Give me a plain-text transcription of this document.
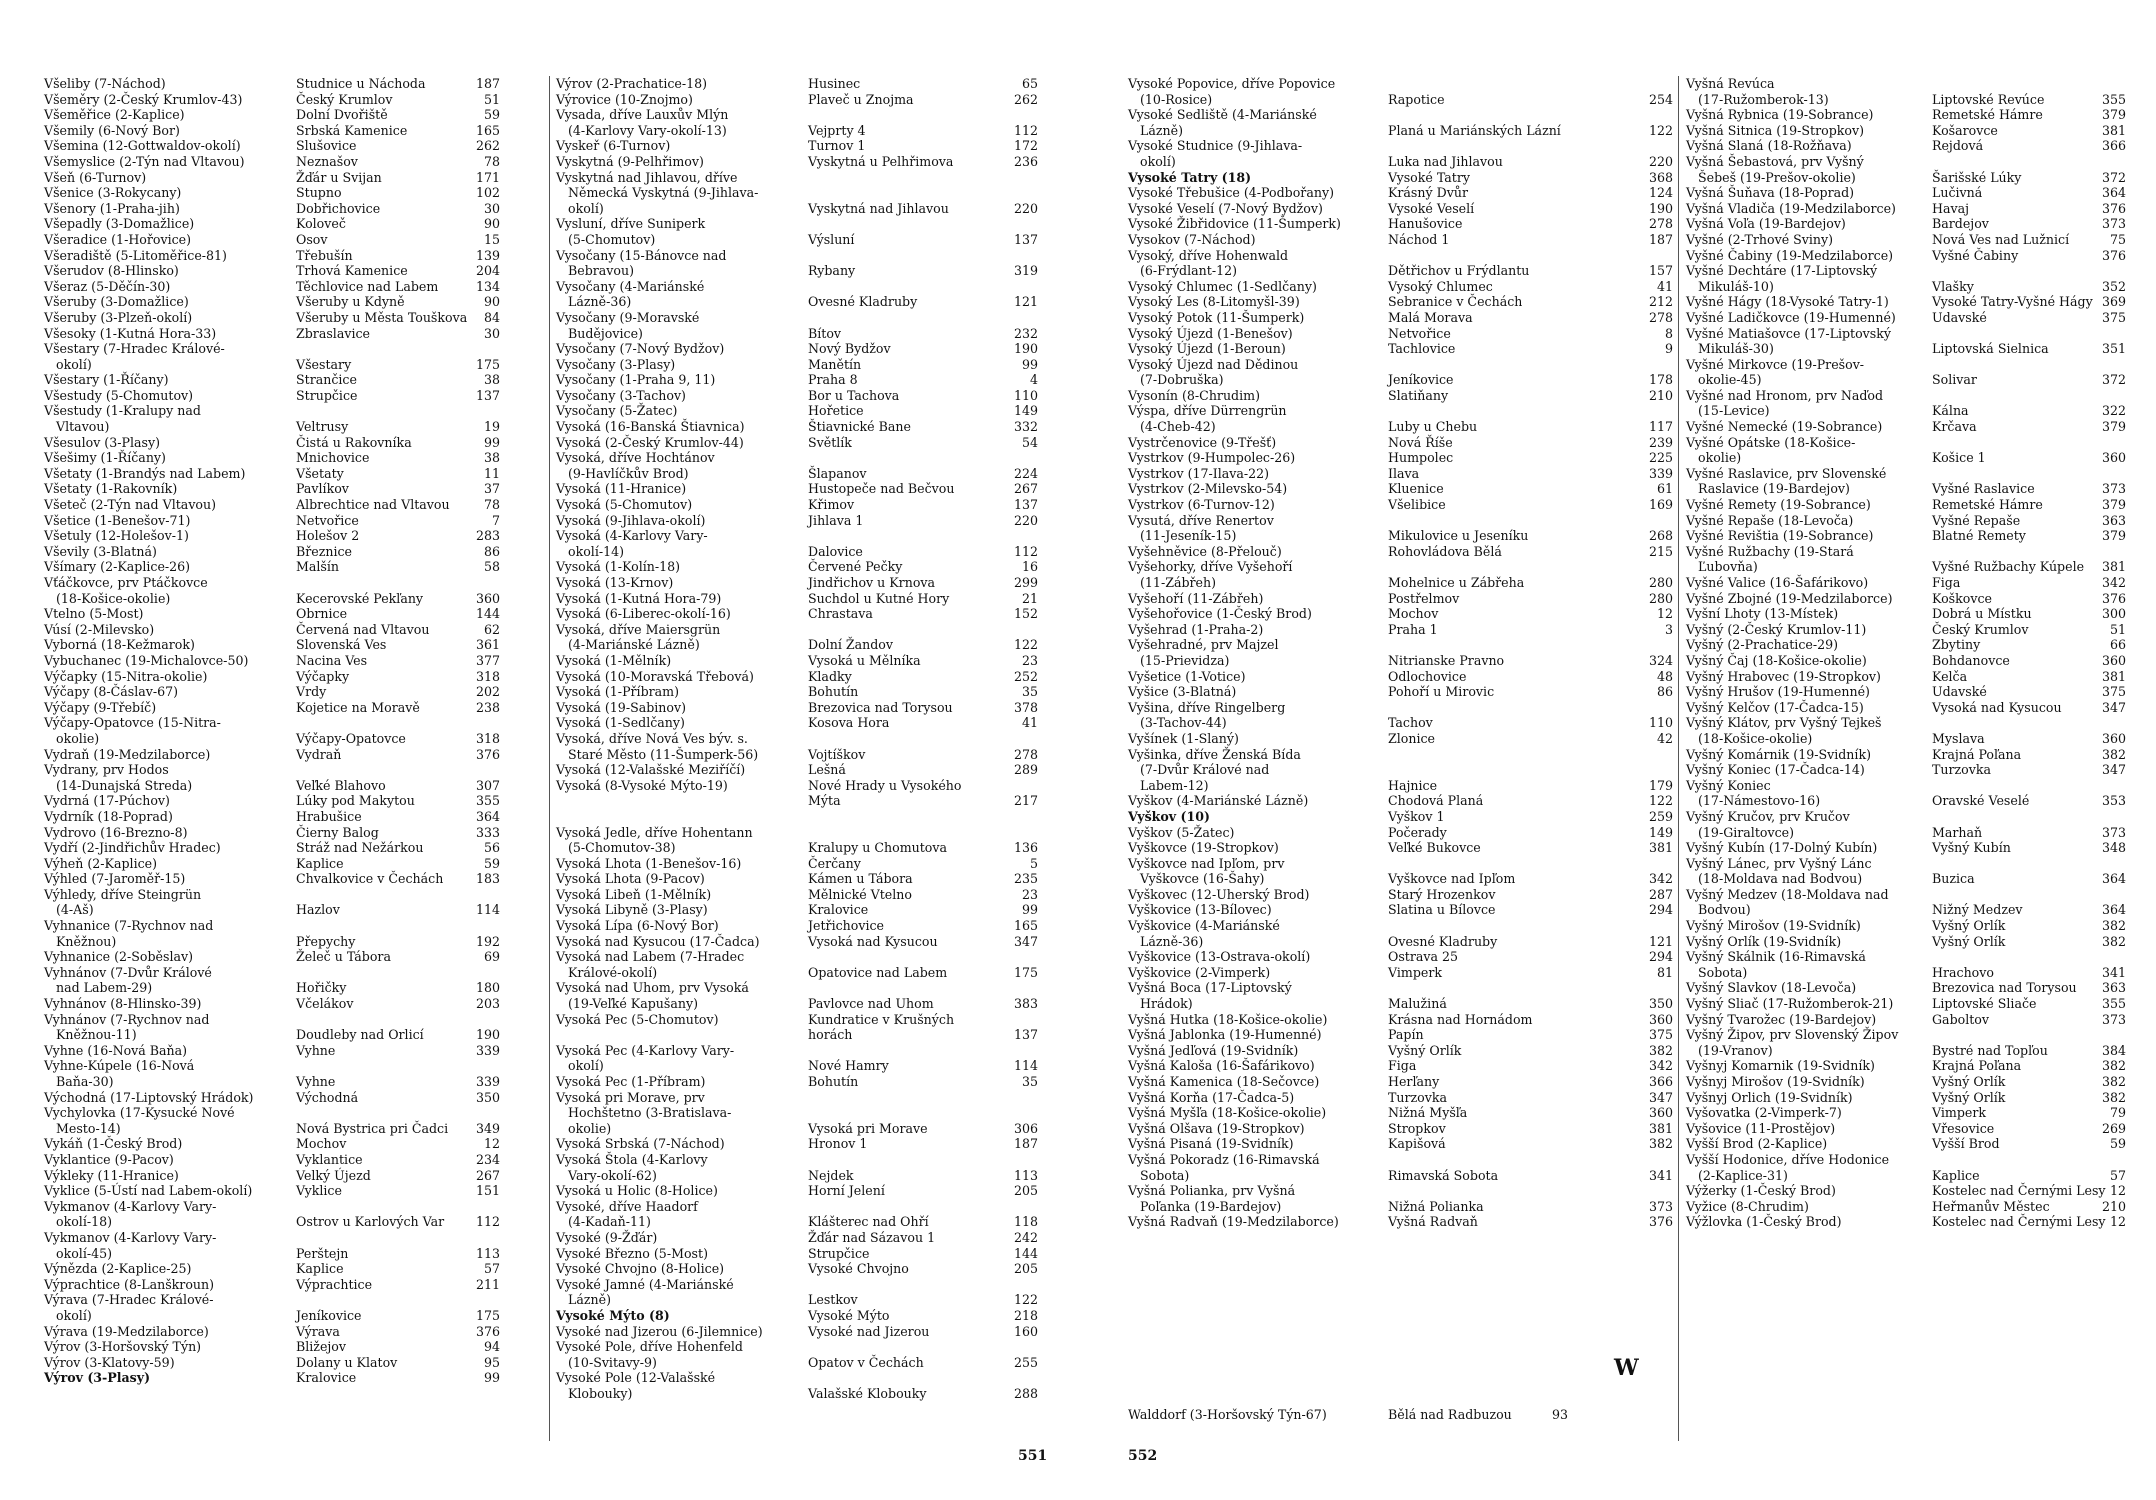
Všeliby (7-Náchod)	Studnice u Náchoda	187
Všeměry (2-Český Krumlov-43)	Český Krumlov	51
Všeměřice (2-Kaplice)	Dolní Dvořiště	59
Všemily (6-Nový Bor)	Srbská Kamenice	165
Všemina (12-Gottwaldov-okolí)	Slušovice	262
Všemyslice (2-Týn nad Vltavou)	Neznašov	78
Všeň (6-Turnov)	Žďár u Svijan	171
Všenice (3-Rokycany)	Stupno	102
Všenory (1-Praha-jih)	Dobřichovice	30
Všepadly (3-Domažlice)	Koloveč	90
Všeradice (1-Hořovice)	Osov	15
Všeradiště (5-Litoměřice-81)	Třebušín	139
Všerudov (8-Hlinsko)	Trhová Kamenice	204
Všeraz (5-Děčín-30)	Těchlovice nad Labem	134
Všeruby (3-Domažlice)	Všeruby u Kdyně	90
Všeruby (3-Plzeň-okolí)	Všeruby u Města Touškova	84
Všesoky (1-Kutná Hora-33)	Zbraslavice	30
Všestary (7-Hradec Králové-
okolí)	Všestary	175
Všestary (1-Říčany)	Strančice	38
Všestudy (5-Chomutov)	Strupčice	137
Všestudy (1-Kralupy nad
Vltavou)	Veltrusy	19
Všesulov (3-Plasy)	Čistá u Rakovníka	99
Všešimy (1-Říčany)	Mnichovice	38
Všetaty (1-Brandýs nad Labem)	Všetaty	11
Všetaty (1-Rakovník)	Pavlíkov	37
Všeteč (2-Týn nad Vltavou)	Albrechtice nad Vltavou	78
Všetice (1-Benešov-71)	Netvořice	7
Všetuly (12-Holešov-1)	Holešov 2	283
Vševily (3-Blatná)	Březnice	86
Všímary (2-Kaplice-26)	Malšín	58
Vťáčkovce, prv Ptáčkovce
(18-Košice-okolie)	Kecerovské Pekľany	360
Vtelno (5-Most)	Obrnice	144
Vúsí (2-Milevsko)	Červená nad Vltavou	62
Vyborná (18-Kežmarok)	Slovenská Ves	361
Vybuchanec (19-Michalovce-50)	Nacina Ves	377
Výčapky (15-Nitra-okolie)	Výčapky	318
Výčapy (8-Čáslav-67)	Vrdy	202
Výčapy (9-Třebíč)	Kojetice na Moravě	238
Výčapy-Opatovce (15-Nitra-
okolie)	Výčapy-Opatovce	318
Vydraň (19-Medzilaborce)	Vydraň	376
Vydrany, prv Hodos
(14-Dunajská Streda)	Veľké Blahovo	307
Vydrná (17-Púchov)	Lúky pod Makytou	355
Vydrník (18-Poprad)	Hrabušice	364
Vydrovo (16-Brezno-8)	Čierny Balog	333
Vydří (2-Jindřichův Hradec)	Stráž nad Nežárkou	56
Výheň (2-Kaplice)	Kaplice	59
Výhled (7-Jaroměř-15)	Chvalkovice v Čechách	183
Výhledy, dříve Steingrün
(4-Aš)	Hazlov	114
Vyhnanice (7-Rychnov nad
Kněžnou)	Přepychy	192
Vyhnanice (2-Soběslav)	Želeč u Tábora	69
Vyhnánov (7-Dvůr Králové
nad Labem-29)	Hořičky	180
Vyhnánov (8-Hlinsko-39)	Včelákov	203
Vyhnánov (7-Rychnov nad
Kněžnou-11)	Doudleby nad Orlicí	190
Vyhne (16-Nová Baňa)	Vyhne	339
Vyhne-Kúpele (16-Nová
Baňa-30)	Vyhne	339
Východná (17-Liptovský Hrádok)	Východná	350
Vychylovka (17-Kysucké Nové
Mesto-14)	Nová Bystrica pri Čadci	349
Vykáň (1-Český Brod)	Mochov	12
Vyklantice (9-Pacov)	Vyklantice	234
Výkleky (11-Hranice)	Velký Újezd	267
Vyklice (5-Ústí nad Labem-okolí)	Vyklice	151
Vykmanov (4-Karlovy Vary-
okolí-18)	Ostrov u Karlových Var	112
Vykmanov (4-Karlovy Vary-
okolí-45)	Perštejn	113
Výnězda (2-Kaplice-25)	Kaplice	57
Výprachtice (8-Lanškroun)	Výprachtice	211
Výrava (7-Hradec Králové-
okolí)	Jeníkovice	175
Výrava (19-Medzilaborce)	Výrava	376
Výrov (3-Horšovský Týn)	Bližejov	94
Výrov (3-Klatovy-59)	Dolany u Klatov	95
Výrov (3-Plasy)	Kralovice	99
Výrov (2-Prachatice-18)	Husinec	65
Výrovice (10-Znojmo)	Plaveč u Znojma	262
Vysada, dříve Lauxův Mlýn
(4-Karlovy Vary-okolí-13)	Vejprty 4	112
Vyskeř (6-Turnov)	Turnov 1	172
Vyskytná (9-Pelhřimov)	Vyskytná u Pelhřimova	236
Vyskytná nad Jihlavou, dříve
Německá Vyskytná (9-Jihlava-
okolí)	Vyskytná nad Jihlavou	220
Vysluní, dříve Suniperk
(5-Chomutov)	Výsluní	137
Vysočany (15-Bánovce nad
Bebravou)	Rybany	319
Vysočany (4-Mariánské
Lázně-36)	Ovesné Kladruby	121
Vysočany (9-Moravské
Budějovice)	Bítov	232
Vysočany (7-Nový Bydžov)	Nový Bydžov	190
Vysočany (3-Plasy)	Manětín	99
Vysočany (1-Praha 9, 11)	Praha 8	4
Vysočany (3-Tachov)	Bor u Tachova	110
Vysočany (5-Žatec)	Hořetice	149
Vysoká (16-Banská Štiavnica)	Štiavnické Bane	332
Vysoká (2-Český Krumlov-44)	Světlík	54
Vysoká, dříve Hochtánov
(9-Havlíčkův Brod)	Šlapanov	224
Vysoká (11-Hranice)	Hustopeče nad Bečvou	267
Vysoká (5-Chomutov)	Křimov	137
Vysoká (9-Jihlava-okolí)	Jihlava 1	220
Vysoká (4-Karlovy Vary-
okolí-14)	Dalovice	112
Vysoká (1-Kolín-18)	Červené Pečky	16
Vysoká (13-Krnov)	Jindřichov u Krnova	299
Vysoká (1-Kutná Hora-79)	Suchdol u Kutné Hory	21
Vysoká (6-Liberec-okolí-16)	Chrastava	152
Vysoká, dříve Maiersgrün
(4-Mariánské Lázně)	Dolní Žandov	122
Vysoká (1-Mělník)	Vysoká u Mělníka	23
Vysoká (10-Moravská Třebová)	Kladky	252
Vysoká (1-Příbram)	Bohutín	35
Vysoká (19-Sabinov)	Brezovica nad Torysou	378
Vysoká (1-Sedlčany)	Kosova Hora	41
Vysoká, dříve Nová Ves býv. s.
Staré Město (11-Šumperk-56)	Vojtíškov	278
Vysoká (12-Valašské Meziříčí)	Lešná	289
Vysoká (8-Vysoké Mýto-19)	Nové Hrady u Vysokého
Mýta	217
Vysoká Jedle, dříve Hohentann
(5-Chomutov-38)	Kralupy u Chomutova	136
Vysoká Lhota (1-Benešov-16)	Čerčany	5
Vysoká Lhota (9-Pacov)	Kámen u Tábora	235
Vysoká Libeň (1-Mělník)	Mělnické Vtelno	23
Vysoká Libyně (3-Plasy)	Kralovice	99
Vysoká Lípa (6-Nový Bor)	Jetřichovice	165
Vysoká nad Kysucou (17-Čadca)	Vysoká nad Kysucou	347
Vysoká nad Labem (7-Hradec
Králové-okolí)	Opatovice nad Labem	175
Vysoká nad Uhom, prv Vysoká
(19-Veľké Kapušany)	Pavlovce nad Uhom	383
Vysoká Pec (5-Chomutov)	Kundratice v Krušných
horách	137
Vysoká Pec (4-Karlovy Vary-
okolí)	Nové Hamry	114
Vysoká Pec (1-Příbram)	Bohutín	35
Vysoká pri Morave, prv
Hochštetno (3-Bratislava-
okolie)	Vysoká pri Morave	306
Vysoká Srbská (7-Náchod)	Hronov 1	187
Vysoká Štola (4-Karlovy
Vary-okolí-62)	Nejdek	113
Vysoká u Holic (8-Holice)	Horní Jelení	205
Vysoké, dříve Haadorf
(4-Kadaň-11)	Klášterec nad Ohří	118
Vysoké (9-Žďár)	Žďár nad Sázavou 1	242
Vysoké Březno (5-Most)	Strupčice	144
Vysoké Chvojno (8-Holice)	Vysoké Chvojno	205
Vysoké Jamné (4-Mariánské
Lázně)	Lestkov	122
Vysoké Mýto (8)	Vysoké Mýto	218
Vysoké nad Jizerou (6-Jilemnice)	Vysoké nad Jizerou	160
Vysoké Pole, dříve Hohenfeld
(10-Svitavy-9)	Opatov v Čechách	255
Vysoké Pole (12-Valašské
Klobouky)	Valašské Klobouky	288
551
Vysoké Popovice, dříve Popovice
(10-Rosice)	Rapotice	254
Vysoké Sedliště (4-Mariánské
Lázně)	Planá u Mariánských Lázní	122
Vysoké Studnice (9-Jihlava-
okolí)	Luka nad Jihlavou	220
Vysoké Tatry (18)	Vysoké Tatry	368
Vysoké Třebušice (4-Podbořany)	Krásný Dvůr	124
Vysoké Veselí (7-Nový Bydžov)	Vysoké Veselí	190
Vysoké Žibřidovice (11-Šumperk)	Hanušovice	278
Vysokov (7-Náchod)	Náchod 1	187
Vysoký, dříve Hohenwald
(6-Frýdlant-12)	Dětřichov u Frýdlantu	157
Vysoký Chlumec (1-Sedlčany)	Vysoký Chlumec	41
Vysoký Les (8-Litomyšl-39)	Sebranice v Čechách	212
Vysoký Potok (11-Šumperk)	Malá Morava	278
Vysoký Újezd (1-Benešov)	Netvořice	8
Vysoký Újezd (1-Beroun)	Tachlovice	9
Vysoký Újezd nad Dědinou
(7-Dobruška)	Jeníkovice	178
Vysonín (8-Chrudim)	Slatiňany	210
Výspa, dříve Dürrengrün
(4-Cheb-42)	Luby u Chebu	117
Vystrčenovice (9-Třešť)	Nová Říše	239
Vystrkov (9-Humpolec-26)	Humpolec	225
Vystrkov (17-Ilava-22)	Ilava	339
Vystrkov (2-Milevsko-54)	Kluenice	61
Vystrkov (6-Turnov-12)	Všelibice	169
Vysutá, dříve Renertov
(11-Jeseník-15)	Mikulovice u Jeseníku	268
Vyšehněvice (8-Přelouč)	Rohovládova Bělá	215
Vyšehorky, dříve Vyšehoří
(11-Zábřeh)	Mohelnice u Zábřeha	280
Vyšehoří (11-Zábřeh)	Postřelmov	280
Vyšehořovice (1-Český Brod)	Mochov	12
Vyšehrad (1-Praha-2)	Praha 1	3
Vyšehradné, prv Majzel
(15-Prievidza)	Nitrianske Pravno	324
Vyšetice (1-Votice)	Odlochovice	48
Vyšice (3-Blatná)	Pohoří u Mirovic	86
Vyšina, dříve Ringelberg
(3-Tachov-44)	Tachov	110
Vyšínek (1-Slaný)	Zlonice	42
Vyšinka, dříve Ženská Bída
(7-Dvůr Králové nad
Labem-12)	Hajnice	179
Vyškov (4-Mariánské Lázně)	Chodová Planá	122
Vyškov (10)	Vyškov 1	259
Vyškov (5-Žatec)	Počerady	149
Vyškovce (19-Stropkov)	Veľké Bukovce	381
Vyškovce nad Ipľom, prv
Vyškovce (16-Šahy)	Vyškovce nad Ipľom	342
Vyškovec (12-Uherský Brod)	Starý Hrozenkov	287
Vyškovice (13-Bílovec)	Slatina u Bílovce	294
Vyškovice (4-Mariánské
Lázně-36)	Ovesné Kladruby	121
Vyškovice (13-Ostrava-okolí)	Ostrava 25	294
Vyškovice (2-Vimperk)	Vimperk	81
Vyšná Boca (17-Liptovský
Hrádok)	Malužiná	350
Vyšná Hutka (18-Košice-okolie)	Krásna nad Hornádom	360
Vyšná Jablonka (19-Humenné)	Papín	375
Vyšná Jedľová (19-Svidník)	Vyšný Orlík	382
Vyšná Kaloša (16-Šafárikovo)	Figa	342
Vyšná Kamenica (18-Sečovce)	Herľany	366
Vyšná Korňa (17-Čadca-5)	Turzovka	347
Vyšná Myšľa (18-Košice-okolie)	Nižná Myšľa	360
Vyšná Olšava (19-Stropkov)	Stropkov	381
Vyšná Pisaná (19-Svidník)	Kapišová	382
Vyšná Pokoradz (16-Rimavská
Sobota)	Rimavská Sobota	341
Vyšná Polianka, prv Vyšná
Poľanka (19-Bardejov)	Nižná Polianka	373
Vyšná Radvaň (19-Medzilaborce)	Vyšná Radvaň	376
Vyšná Revúca
(17-Ružomberok-13)	Liptovské Revúce	355
Vyšná Rybnica (19-Sobrance)	Remetské Hámre	379
Vyšná Sitnica (19-Stropkov)	Košarovce	381
Vyšná Slaná (18-Rožňava)	Rejdová	366
Vyšná Šebastová, prv Vyšný
Šebeš (19-Prešov-okolie)	Šarišské Lúky	372
Vyšná Šuňava (18-Poprad)	Lučivná	364
Vyšná Vladiča (19-Medzilaborce)	Havaj	376
Vyšná Voľa (19-Bardejov)	Bardejov	373
Vyšné (2-Trhové Sviny)	Nová Ves nad Lužnicí	75
Vyšné Čabiny (19-Medzilaborce)	Vyšné Čabiny	376
Vyšné Dechtáre (17-Liptovský
Mikuláš-10)	Vlašky	352
Vyšné Hágy (18-Vysoké Tatry-1)	Vysoké Tatry-Vyšné Hágy 369
Vyšné Ladičkovce (19-Humenné)	Udavské	375
Vyšné Matiašovce (17-Liptovský
Mikuláš-30)	Liptovská Sielnica	351
Vyšné Mirkovce (19-Prešov-
okolie-45)	Solivar	372
Vyšné nad Hronom, prv Naďod
(15-Levice)	Kálna	322
Vyšné Nemecké (19-Sobrance)	Krčava	379
Vyšné Opátske (18-Košice-
okolie)	Košice 1	360
Vyšné Raslavice, prv Slovenské
Raslavice (19-Bardejov)	Vyšné Raslavice	373
Vyšné Remety (19-Sobrance)	Remetské Hámre	379
Vyšné Repaše (18-Levoča)	Vyšné Repaše	363
Vyšné Revištia (19-Sobrance)	Blatné Remety	379
Vyšné Ružbachy (19-Stará
Ľubovňa)	Vyšné Ružbachy Kúpele	381
Vyšné Valice (16-Šafárikovo)	Figa	342
Vyšné Zbojné (19-Medzilaborce)	Koškovce	376
Vyšní Lhoty (13-Místek)	Dobrá u Místku	300
Vyšný (2-Český Krumlov-11)	Český Krumlov	51
Vyšný (2-Prachatice-29)	Zbytiny	66
Vyšný Čaj (18-Košice-okolie)	Bohdanovce	360
Vyšný Hrabovec (19-Stropkov)	Kelča	381
Vyšný Hrušov (19-Humenné)	Udavské	375
Vyšný Kelčov (17-Čadca-15)	Vysoká nad Kysucou	347
Vyšný Klátov, prv Vyšný Tejkeš
(18-Košice-okolie)	Myslava	360
Vyšný Komárnik (19-Svidník)	Krajná Poľana	382
Vyšný Koniec (17-Čadca-14)	Turzovka	347
Vyšný Koniec
(17-Námestovo-16)	Oravské Veselé	353
Vyšný Kručov, prv Kručov
(19-Giraltovce)	Marhaň	373
Vyšný Kubín (17-Dolný Kubín)	Vyšný Kubín	348
Vyšný Lánec, prv Vyšný Lánc
(18-Moldava nad Bodvou)	Buzica	364
Vyšný Medzev (18-Moldava nad
Bodvou)	Nižný Medzev	364
Vyšný Mirošov (19-Svidník)	Vyšný Orlík	382
Vyšný Orlík (19-Svidník)	Vyšný Orlík	382
Vyšný Skálnik (16-Rimavská
Sobota)	Hrachovo	341
Vyšný Slavkov (18-Levoča)	Brezovica nad Torysou	363
Vyšný Sliač (17-Ružomberok-21)	Liptovské Sliače	355
Vyšný Tvarožec (19-Bardejov)	Gaboltov	373
Vyšný Žipov, prv Slovenský Žipov
(19-Vranov)	Bystré nad Topľou	384
Vyšnyj Komarnik (19-Svidník)	Krajná Poľana	382
Vyšnyj Mirošov (19-Svidník)	Vyšný Orlík	382
Vyšnyj Orlich (19-Svidník)	Vyšný Orlík	382
Vyšovatka (2-Vimperk-7)	Vimperk	79
Vyšovice (11-Prostějov)	Vřesovice	269
Vyšší Brod (2-Kaplice)	Vyšší Brod	59
Vyšší Hodonice, dříve Hodonice
(2-Kaplice-31)	Kaplice	57
Výžerky (1-Český Brod)	Kostelec nad Černými Lesy 12
Vyžice (8-Chrudim)	Heřmanův Městec	210
Výžlovka (1-Český Brod)	Kostelec nad Černými Lesy 12
W
Walddorf (3-Horšovský Týn-67)	Bělá nad Radbuzou	93
552
